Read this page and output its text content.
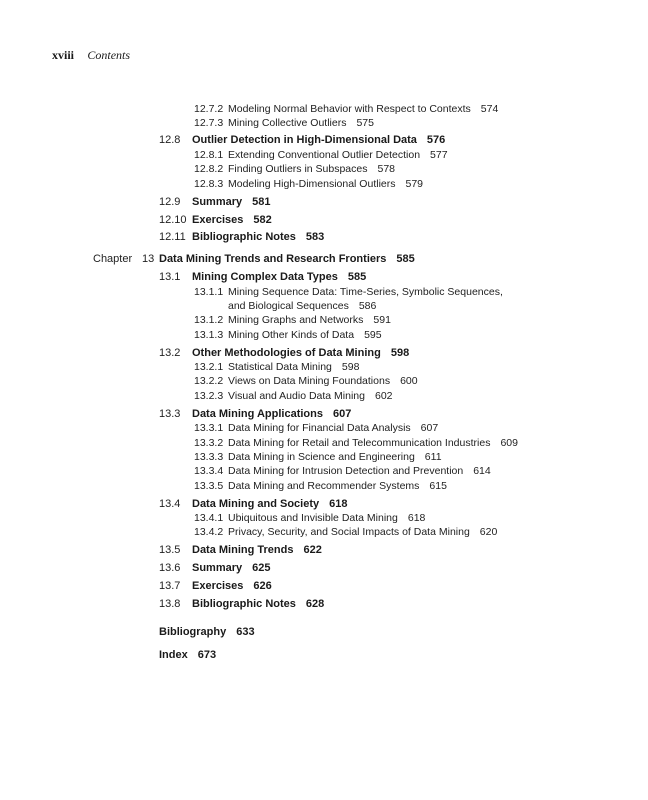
xviii Contents
12.7.2 Modeling Normal Behavior with Respect to Contexts 574
12.7.3 Mining Collective Outliers 575
12.8 Outlier Detection in High-Dimensional Data 576
12.8.1 Extending Conventional Outlier Detection 577
12.8.2 Finding Outliers in Subspaces 578
12.8.3 Modeling High-Dimensional Outliers 579
12.9 Summary 581
12.10 Exercises 582
12.11 Bibliographic Notes 583
Chapter 13 Data Mining Trends and Research Frontiers 585
13.1 Mining Complex Data Types 585
13.1.1 Mining Sequence Data: Time-Series, Symbolic Sequences,
and Biological Sequences 586
13.1.2 Mining Graphs and Networks 591
13.1.3 Mining Other Kinds of Data 595
13.2 Other Methodologies of Data Mining 598
13.2.1 Statistical Data Mining 598
13.2.2 Views on Data Mining Foundations 600
13.2.3 Visual and Audio Data Mining 602
13.3 Data Mining Applications 607
13.3.1 Data Mining for Financial Data Analysis 607
13.3.2 Data Mining for Retail and Telecommunication Industries 609
13.3.3 Data Mining in Science and Engineering 611
13.3.4 Data Mining for Intrusion Detection and Prevention 614
13.3.5 Data Mining and Recommender Systems 615
13.4 Data Mining and Society 618
13.4.1 Ubiquitous and Invisible Data Mining 618
13.4.2 Privacy, Security, and Social Impacts of Data Mining 620
13.5 Data Mining Trends 622
13.6 Summary 625
13.7 Exercises 626
13.8 Bibliographic Notes 628
Bibliography 633
Index 673
